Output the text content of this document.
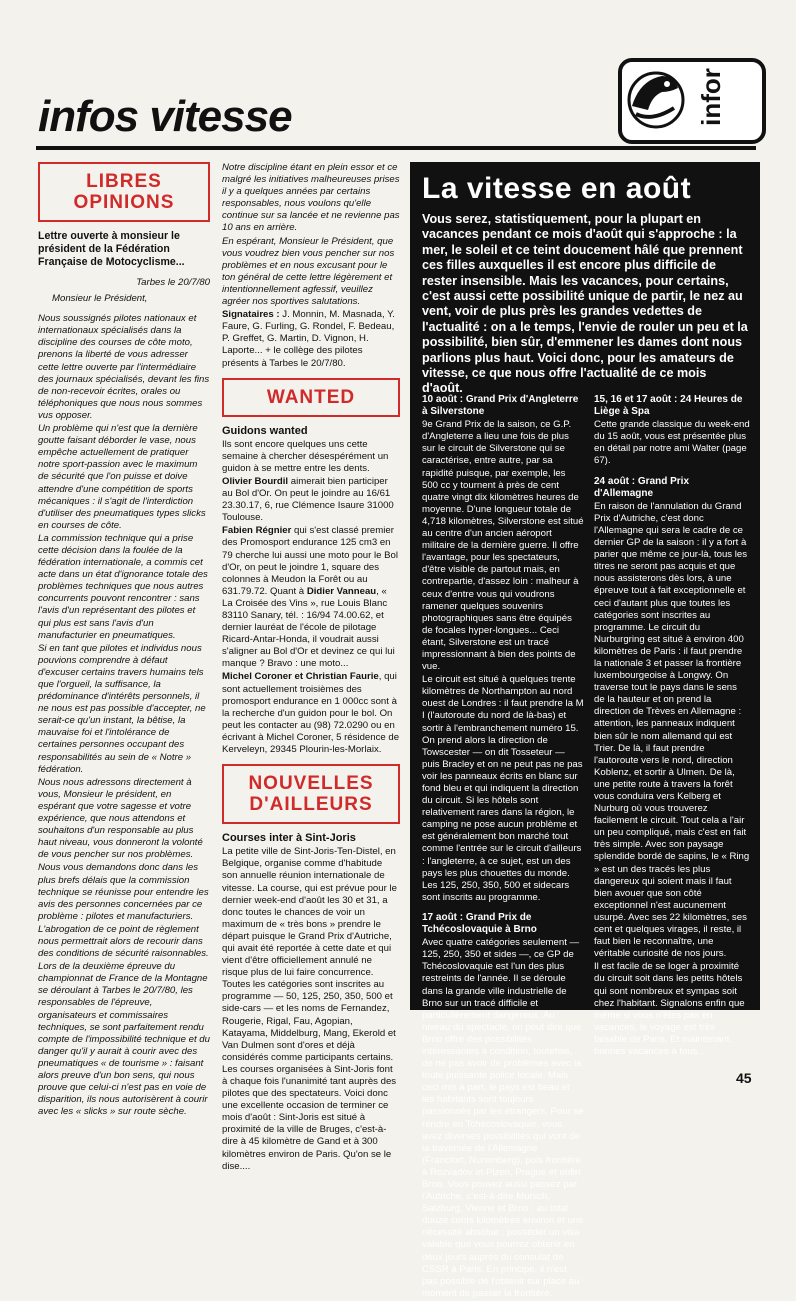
infos vitesse	infor
LIBRES OPINIONS

Lettre ouverte à monsieur le président de la Fédération Française de Motocyclisme...

Tarbes le 20/7/80

Monsieur le Président,

Nous soussignés pilotes nationaux et internationaux spécialisés dans la discipline des courses de côte moto, prenons la liberté de vous adresser cette lettre ouverte par l'intermédiaire des journaux spécialisés, devant les fins de non-recevoir écrites, orales ou téléphoniques que nous nous sommes vus opposer.

Un problème qui n'est que la dernière goutte faisant déborder le vase, nous empêche actuellement de pratiquer notre sport-passion avec le maximum de sécurité que l'on puisse et doive attendre d'une compétition de sports mécaniques : il s'agit de l'interdiction d'utiliser des pneumatiques types slicks en courses de côte.

La commission technique qui a prise cette décision dans la foulée de la fédération internationale, a commis cet acte dans un état d'ignorance totale des problèmes techniques que nous autres concurrents pouvont rencontrer : sans l'avis d'un représentant des pilotes et qui plus est sans l'avis d'un manufacturier en pneumatiques.

Si en tant que pilotes et individus nous pouvions comprendre à défaut d'excuser certains travers humains tels que l'orgueil, la suffisance, la prédominance d'intérêts personnels, il ne nous est pas possible d'accepter, ne serait-ce qu'un instant, la bêtise, la mauvaise foi et l'intolérance de certaines personnes occupant des responsabilités au sein de « Notre » fédération.

Nous nous adressons directement à vous, Monsieur le président, en espérant que votre sagesse et votre expérience, que nous attendons et souhaitons d'un responsable au plus haut niveau, vous donneront la volonté de vous pencher sur nos problèmes.

Nous vous demandons donc dans les plus brefs délais que la commission technique se réunisse pour entendre les avis des personnes concernées par ce problème : pilotes et manufacturiers.

L'abrogation de ce point de règlement nous permettrait alors de recourir dans des conditions de sécurité raisonnables.

Lors de la deuxième épreuve du championnat de France de la Montagne se déroulant à Tarbes le 20/7/80, les responsables de l'épreuve, organisateurs et commissaires techniques, se sont parfaitement rendu compte de l'impossibilité technique et du danger qu'il y aurait à courir avec des pneumatiques « de tourisme » : faisant alors preuve d'un bon sens, qui nous prouve que celui-ci n'est pas en voie de disparition, ils nous autorisèrent à courir avec les « slicks » sur route sèche.

Notre discipline étant en plein essor et ce malgré les initiatives malheureuses prises il y a quelques années par certains responsables, nous voulons qu'elle continue sur sa lancée et ne revienne pas 10 ans en arrière.

En espérant, Monsieur le Président, que vous voudrez bien vous pencher sur nos problèmes et en nous excusant pour le ton général de cette lettre légèrement et intentionnellement agfessif, veuillez agréer nos sportives salutations.

Signataires : J. Monnin, M. Masnada, Y. Faure, G. Furling, G. Rondel, F. Bedeau, P. Greffet, G. Martin, D. Vignon, H. Laporte... + le collège des pilotes présents à Tarbes le 20/7/80.

WANTED

Guidons wanted

Ils sont encore quelques uns cette semaine à chercher désespérément un guidon à se mettre entre les dents.

Olivier Bourdil aimerait bien participer au Bol d'Or. On peut le joindre au 16/61 23.30.17, 6, rue Clémence Isaure 31000 Toulouse.

Fabien Régnier qui s'est classé premier des Promosport endurance 125 cm3 en 79 cherche lui aussi une moto pour le Bol d'Or, on peut le joindre 1, square des colonnes à Meudon la Forêt ou au 631.79.72. Quant à Didier Vanneau, « La Croisée des Vins », rue Louis Blanc 83110 Sanary, tél. : 16/94 74.00.62, et dernier lauréat de l'école de pilotage Ricard-Antar-Honda, il voudrait aussi s'aligner au Bol d'Or et devinez ce qui lui manque ? Bravo : une moto...

Michel Coroner et Christian Faurie, qui sont actuellement troisièmes des promosport endurance en 1 000cc sont à la recherche d'un guidon pour le bol. On peut les contacter au (98) 72.0290 ou en écrivant à Michel Coroner, 5 résidence de Kerveleyn, 29345 Plourin-les-Morlaix.

NOUVELLES D'AILLEURS

Courses inter à Sint-Joris

La petite ville de Sint-Joris-Ten-Distel, en Belgique, organise comme d'habitude son annuelle réunion internationale de vitesse. La course, qui est prévue pour le dernier week-end d'août les 30 et 31, a donc toutes le chances de voir un maximum de « très bons » prendre le départ puisque le Grand Prix d'Autriche, qui avait été reportée à cette date et qui vient d'être officiellement annulé ne risque plus de lui faire concurrence. Toutes les catégories sont inscrites au programme — 50, 125, 250, 350, 500 et side-cars — et les noms de Fernandez, Rougerie, Rigal, Fau, Agopian, Katayama, Middelburg, Mang, Ekerold et Van Dulmen sont d'ores et déjà considérés comme participants certains. Les courses organisées à Sint-Joris font à chaque fois l'unanimité tant auprès des pilotes que des spectateurs. Voici donc une excellente occasion de terminer ce mois d'août : Sint-Joris est situé à proximité de la ville de Bruges, c'est-à-dire à 45 kilomètre de Gand et à 300 kilomètres environ de Paris. Qu'on se le dise....

La vitesse en août

Vous serez, statistiquement, pour la plupart en vacances pendant ce mois d'août qui s'approche : la mer, le soleil et ce teint doucement hâlé que prennent ces filles auxquelles il est encore plus difficile de rester insensible. Mais les vacances, pour certains, c'est aussi cette possibilité unique de partir, le nez au vent, voir de plus près les grandes vedettes de l'actualité : on a le temps, l'envie de rouler un peu et la possibilité, bien sûr, d'emmener les dames dont nous parlions plus haut. Voici donc, pour les amateurs de vitesse, ce que nous offre l'actualité de ce mois d'août.

10 août : Grand Prix d'Angleterre à Silverstone

9e Grand Prix de la saison, ce G.P. d'Angleterre a lieu une fois de plus sur le circuit de Silverstone qui se caractérise, entre autre, par sa rapidité puisque, par exemple, les 500 cc y tournent à près de cent quatre vingt dix kilomètres heures de moyenne. D'une longueur totale de 4,718 kilomètres, Silverstone est situé au centre d'un ancien aéroport militaire de la dernière guerre. Il offre l'avantage, pour les spectateurs, d'être visible de partout mais, en contrepartie, d'assez loin : malheur à ceux d'entre vous qui voudrons ramener quelques souvenirs photographiques sans être équipés de focales hyper-longues... Ceci étant, Silverstone est un tracé impressionnant à bien des points de vue.

Le circuit est situé à quelques trente kilomètres de Northampton au nord ouest de Londres : il faut prendre la M I (l'autoroute du nord de là-bas) et sortir à l'embranchement numéro 15. On prend alors la direction de Towscester — on dit Tosseteur — puis Bracley et on ne peut pas ne pas voir les panneaux écrits en blanc sur fond bleu et qui indiquent la direction du circuit. Si les hôtels sont relativement rares dans la région, le camping ne pose aucun problème et est généralement bon marché tout comme l'entrée sur le circuit d'ailleurs : l'angleterre, à ce sujet, est un des pays les plus chouettes du monde. Les 125, 250, 350, 500 et sidecars sont inscrits au programme.

17 août : Grand Prix de Tchécoslovaquie à Brno

Avec quatre catégories seulement — 125, 250, 350 et sides —, ce GP de Tchécoslovaquie est l'un des plus restreints de l'année. Il se déroule dans la grande ville industrielle de Brno sur un tracé difficile et particulièrement dangereux. Au niveau du spectacle, on peut dire que Brno offre des possibilités intéressantes à condition, toutefois, de ne pas avoir de problèmes avec la toute puissante police locale. Mais ceci mis à part, le pays est beau et les habitants sont toujours passionnés par les étrangers. Pour se rendre en Tchécoslovaquie, vous avez diverses possibilités qui vont de la traversée de l'Allemagne (Francfort, Nuremberg), puis frontière à Rozvadov et Pizen, Prague et enfin Brno. Vous pouvez aussi passez par l'Autriche, c'est-à-dire Munich, Salzburg, Vienne et Brno : au total douze cents kilomètres environ et une nécessité absolue : posséder un visa valable que vous pourrez obtenir en deux jours auprès du consulat de CSSR à Paris. En principe, il n'est pas possible de l'obtenir sur place au moment de passer la frontière.

15, 16 et 17 août : 24 Heures de Liège à Spa

Cette grande classique du week-end du 15 août, vous est présentée plus en détail par notre ami Walter (page 67).

24 août : Grand Prix d'Allemagne

En raison de l'annulation du Grand Prix d'Autriche, c'est donc l'Allemagne qui sera le cadre de ce dernier GP de la saison : il y a fort à parier que même ce jour-là, tous les titres ne seront pas acquis et que nous assisterons dès lors, à une épreuve tout à fait exceptionnelle et ceci d'autant plus que toutes les catégories sont inscrites au programme. Le circuit du Nurburgring est situé à environ 400 kilomètres de Paris : il faut prendre la nationale 3 et passer la frontière luxembourgeoise à Longwy. On traverse tout le pays dans le sens de la hauteur et on prend la direction de Trèves en Allemagne : attention, les panneaux indiquent bien sûr le nom allemand qui est Trier. De là, il faut prendre l'autoroute vers le nord, direction Koblenz, et sortir à Ulmen. De là, une petite route à travers la forêt vous conduira vers Kelberg et Nurburg où vous trouverez facilement le circuit. Tout cela a l'air un peu compliqué, mais c'est en fait très simple. Avec son paysage splendide bordé de sapins, le « Ring » est un des tracés les plus dangereux qui soient mais il faut bien avouer que son côté exceptionnel n'est aucunement usurpé. Avec ses 22 kilomètres, ses cent et quelques virages, il reste, il faut bien le reconnaître, une véritable curiosité de nos jours.

Il est facile de se loger à proximité du circuit soit dans les petits hôtels qui sont nombreux et sympas soit chez l'habitant. Signalons enfin que même si vous n'êtes pas en vacances, le voyage est très faisable de Paris. Et maintenant, bonnes vacances à tous...

45
